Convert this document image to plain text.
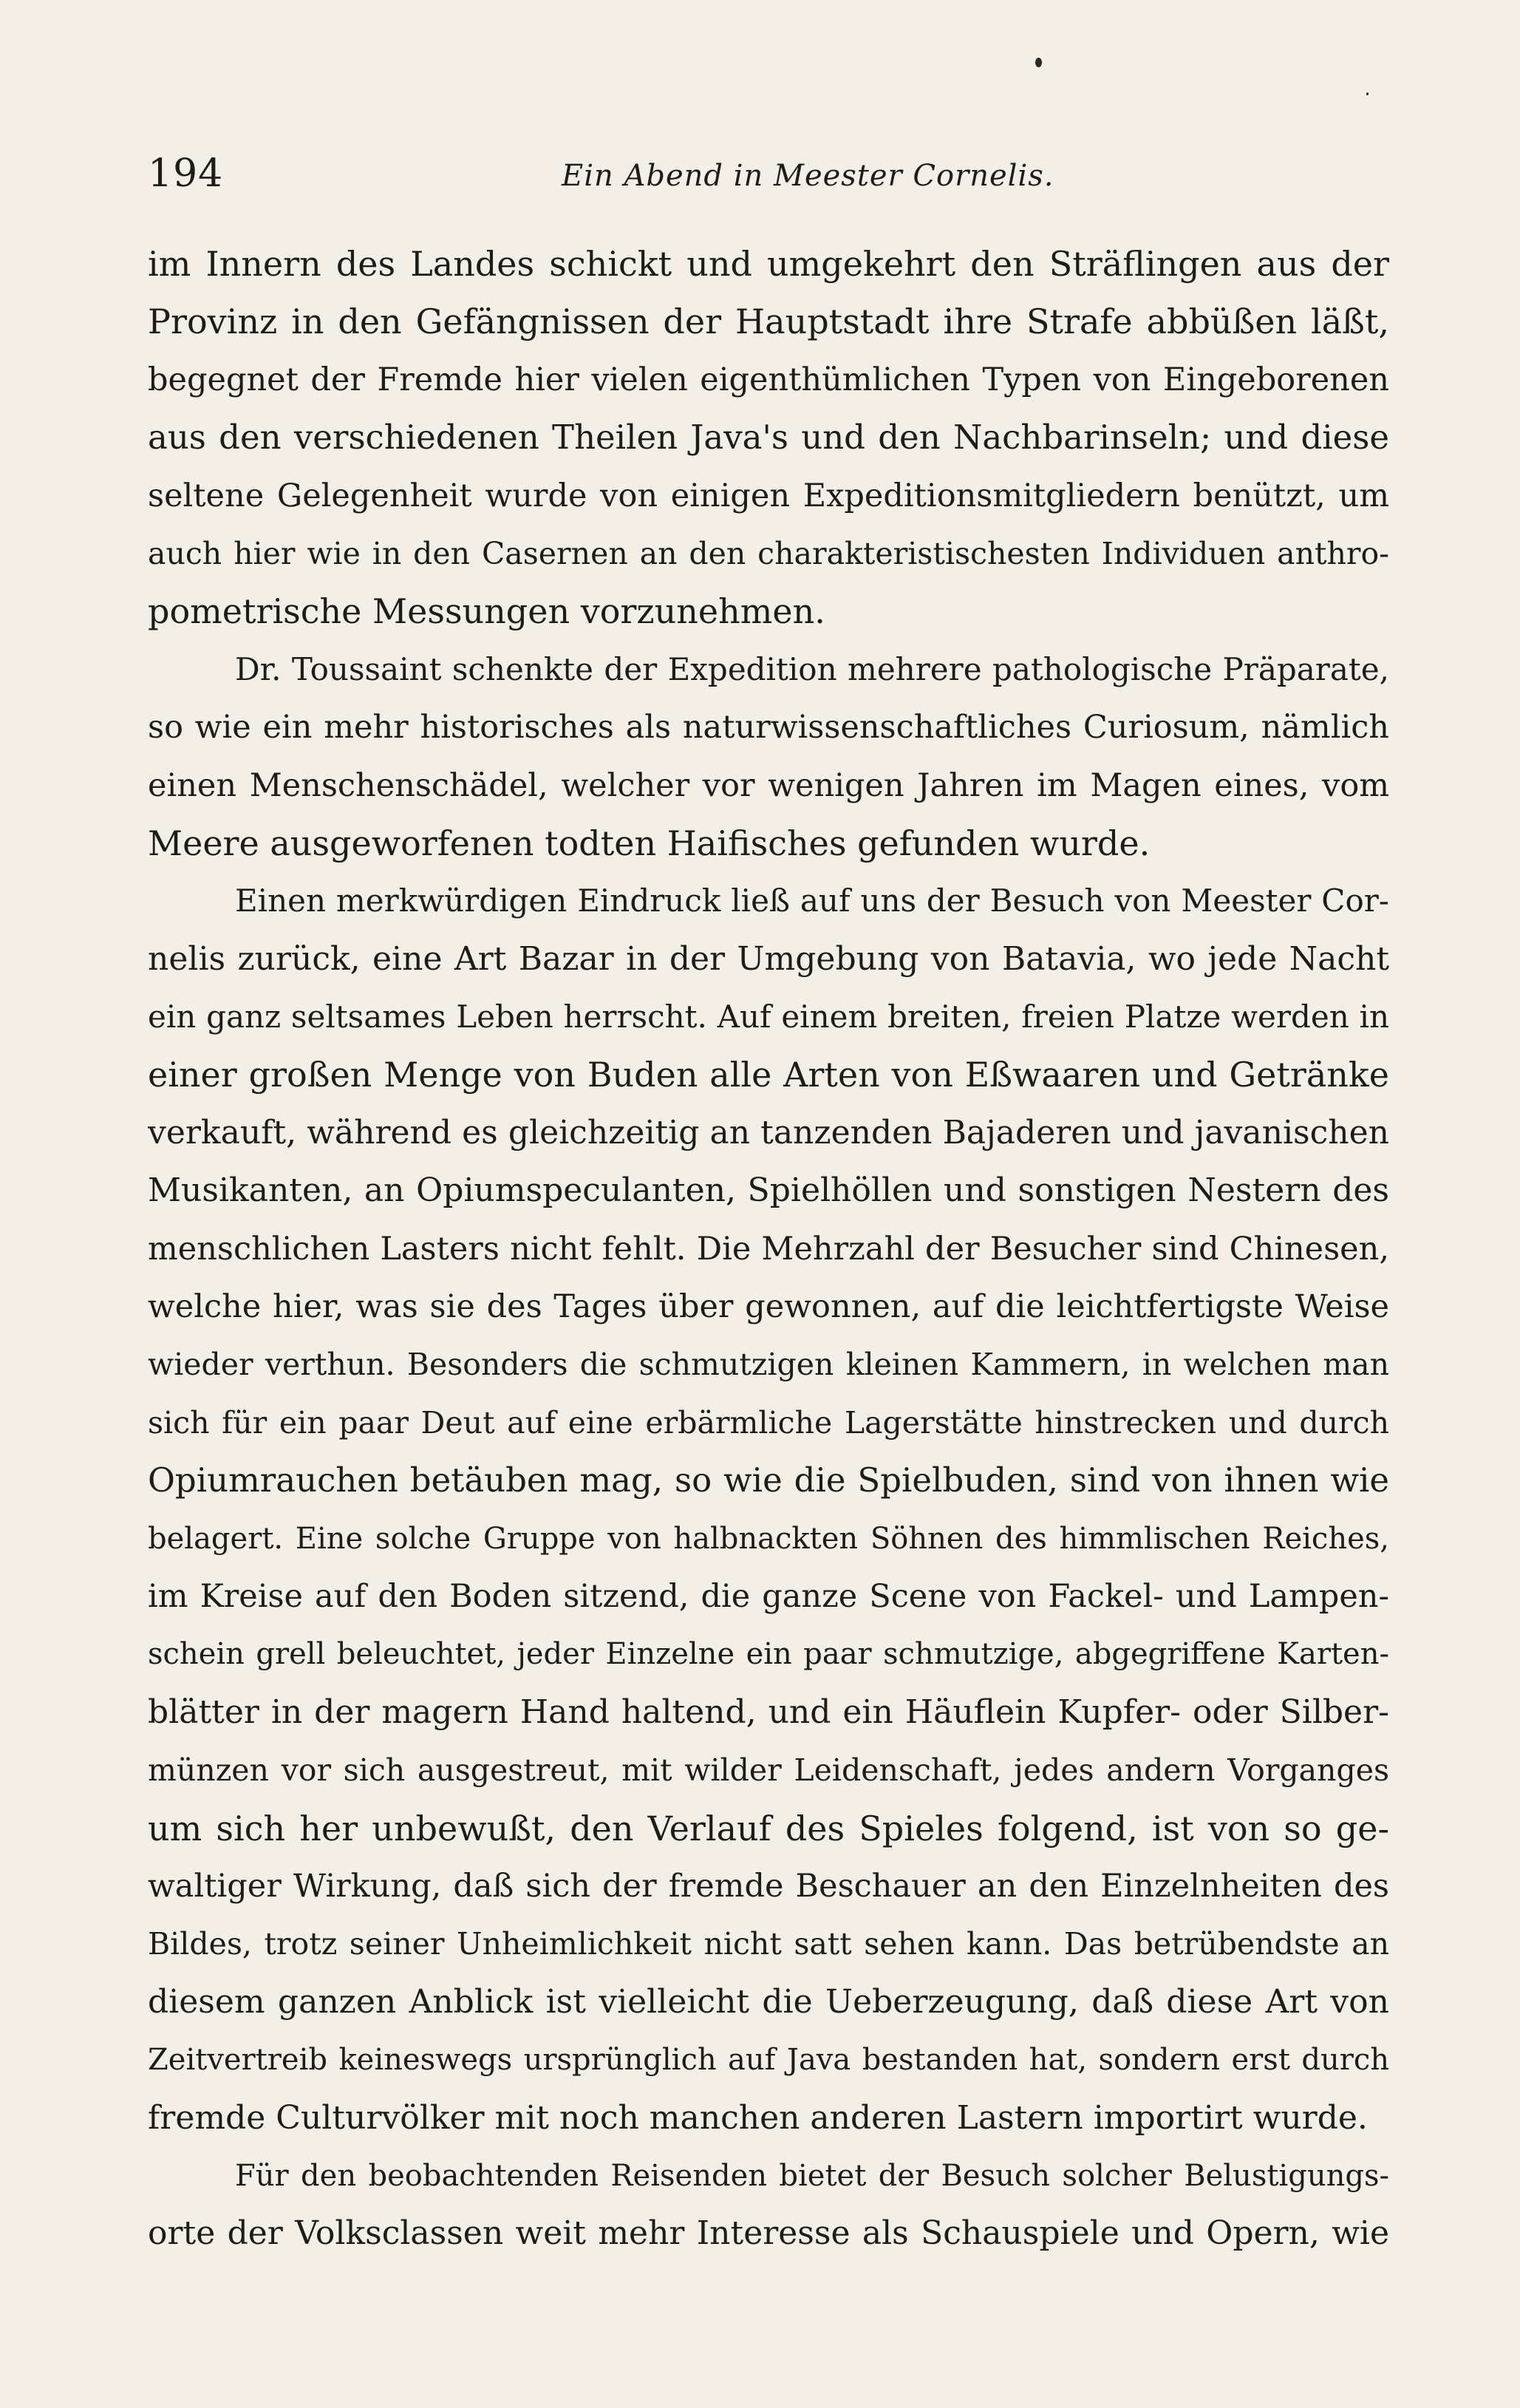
194	Ein Abend in Meester Cornelis.

im Innern des Landes schickt und umgekehrt den Sträflingen aus der
Provinz in den Gefängnissen der Hauptstadt ihre Strafe abbüßen läßt,
begegnet der Fremde hier vielen eigenthümlichen Typen von Eingeborenen
aus den verschiedenen Theilen Java's und den Nachbarinseln; und diese
seltene Gelegenheit wurde von einigen Expeditionsmitgliedern benützt, um
auch hier wie in den Casernen an den charakteristischesten Individuen anthro-
pometrische Messungen vorzunehmen.

Dr. Toussaint schenkte der Expedition mehrere pathologische Präparate,
so wie ein mehr historisches als naturwissenschaftliches Curiosum, nämlich
einen Menschenschädel, welcher vor wenigen Jahren im Magen eines, vom
Meere ausgeworfenen todten Haifisches gefunden wurde.

Einen merkwürdigen Eindruck ließ auf uns der Besuch von Meester Cor-
nelis zurück, eine Art Bazar in der Umgebung von Batavia, wo jede Nacht
ein ganz seltsames Leben herrscht. Auf einem breiten, freien Platze werden in
einer großen Menge von Buden alle Arten von Eßwaaren und Getränke
verkauft, während es gleichzeitig an tanzenden Bajaderen und javanischen
Musikanten, an Opiumspeculanten, Spielhöllen und sonstigen Nestern des
menschlichen Lasters nicht fehlt. Die Mehrzahl der Besucher sind Chinesen,
welche hier, was sie des Tages über gewonnen, auf die leichtfertigste Weise
wieder verthun. Besonders die schmutzigen kleinen Kammern, in welchen man
sich für ein paar Deut auf eine erbärmliche Lagerstätte hinstrecken und durch
Opiumrauchen betäuben mag, so wie die Spielbuden, sind von ihnen wie
belagert. Eine solche Gruppe von halbnackten Söhnen des himmlischen Reiches,
im Kreise auf den Boden sitzend, die ganze Scene von Fackel- und Lampen-
schein grell beleuchtet, jeder Einzelne ein paar schmutzige, abgegriffene Karten-
blätter in der magern Hand haltend, und ein Häuflein Kupfer- oder Silber-
münzen vor sich ausgestreut, mit wilder Leidenschaft, jedes andern Vorganges
um sich her unbewußt, den Verlauf des Spieles folgend, ist von so ge-
waltiger Wirkung, daß sich der fremde Beschauer an den Einzelnheiten des
Bildes, trotz seiner Unheimlichkeit nicht satt sehen kann. Das betrübendste an
diesem ganzen Anblick ist vielleicht die Ueberzeugung, daß diese Art von
Zeitvertreib keineswegs ursprünglich auf Java bestanden hat, sondern erst durch
fremde Culturvölker mit noch manchen anderen Lastern importirt wurde.

Für den beobachtenden Reisenden bietet der Besuch solcher Belustigungs-
orte der Volksclassen weit mehr Interesse als Schauspiele und Opern, wie
